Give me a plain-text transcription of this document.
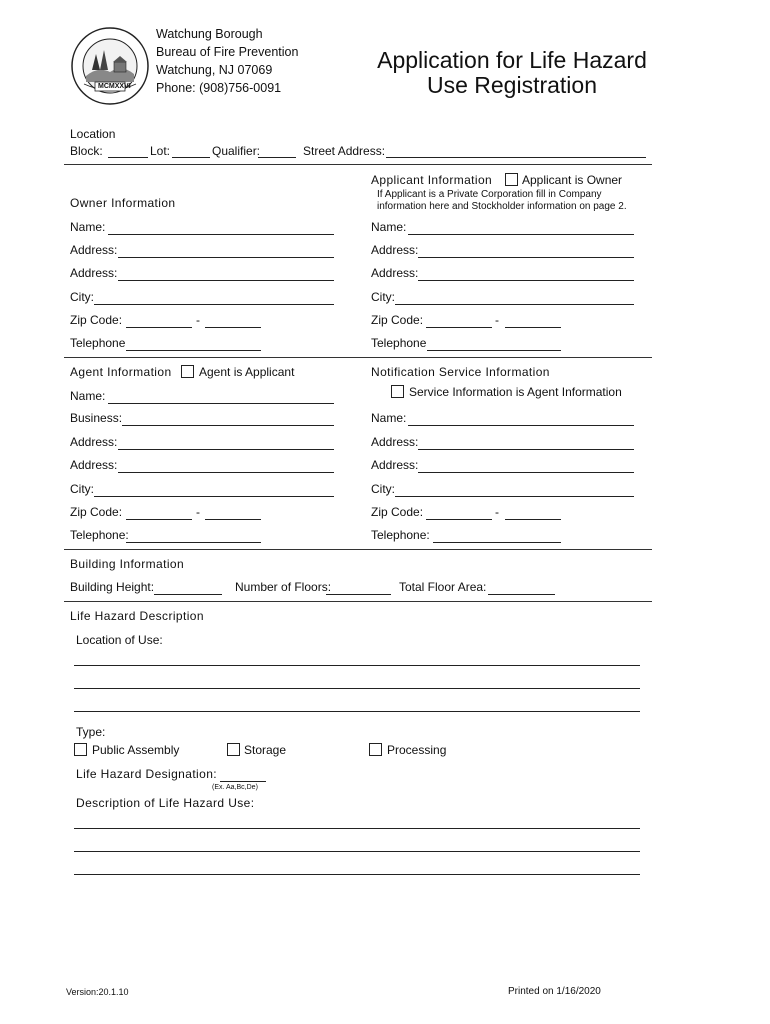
MCMXXVI
Watchung Borough
Bureau of Fire Prevention
Watchung, NJ 07069
Phone: (908)756-0091
Application for Life Hazard
Use Registration
Location
Block:	Lot:	Qualifier:	Street Address:
Applicant Information Applicant is Owner
If Applicant is a Private Corporation fill in Company
information here and Stockholder information on page 2.
Owner Information
Name:
Address:
Address:
City:
Zip Code:	-
Telephone
Name:
Address:
Address:
City:
Zip Code:	-
Telephone
Agent Information Agent is Applicant
Name:
Business:
Address:
Address:
City:
Zip Code:	-
Telephone:
Notification Service Information
Service Information is Agent Information
Name:
Address:
Address:
City:
Zip Code:	-
Telephone:
Building Information
Building Height:	Number of Floors:	Total Floor Area:
Life Hazard Description
Location of Use:
Type:
Public Assembly	Storage	Processing
Life Hazard Designation:
(Ex. Aa,Bc,De)
Description of Life Hazard Use:
Version:20.1.10	Printed on 1/16/2020
